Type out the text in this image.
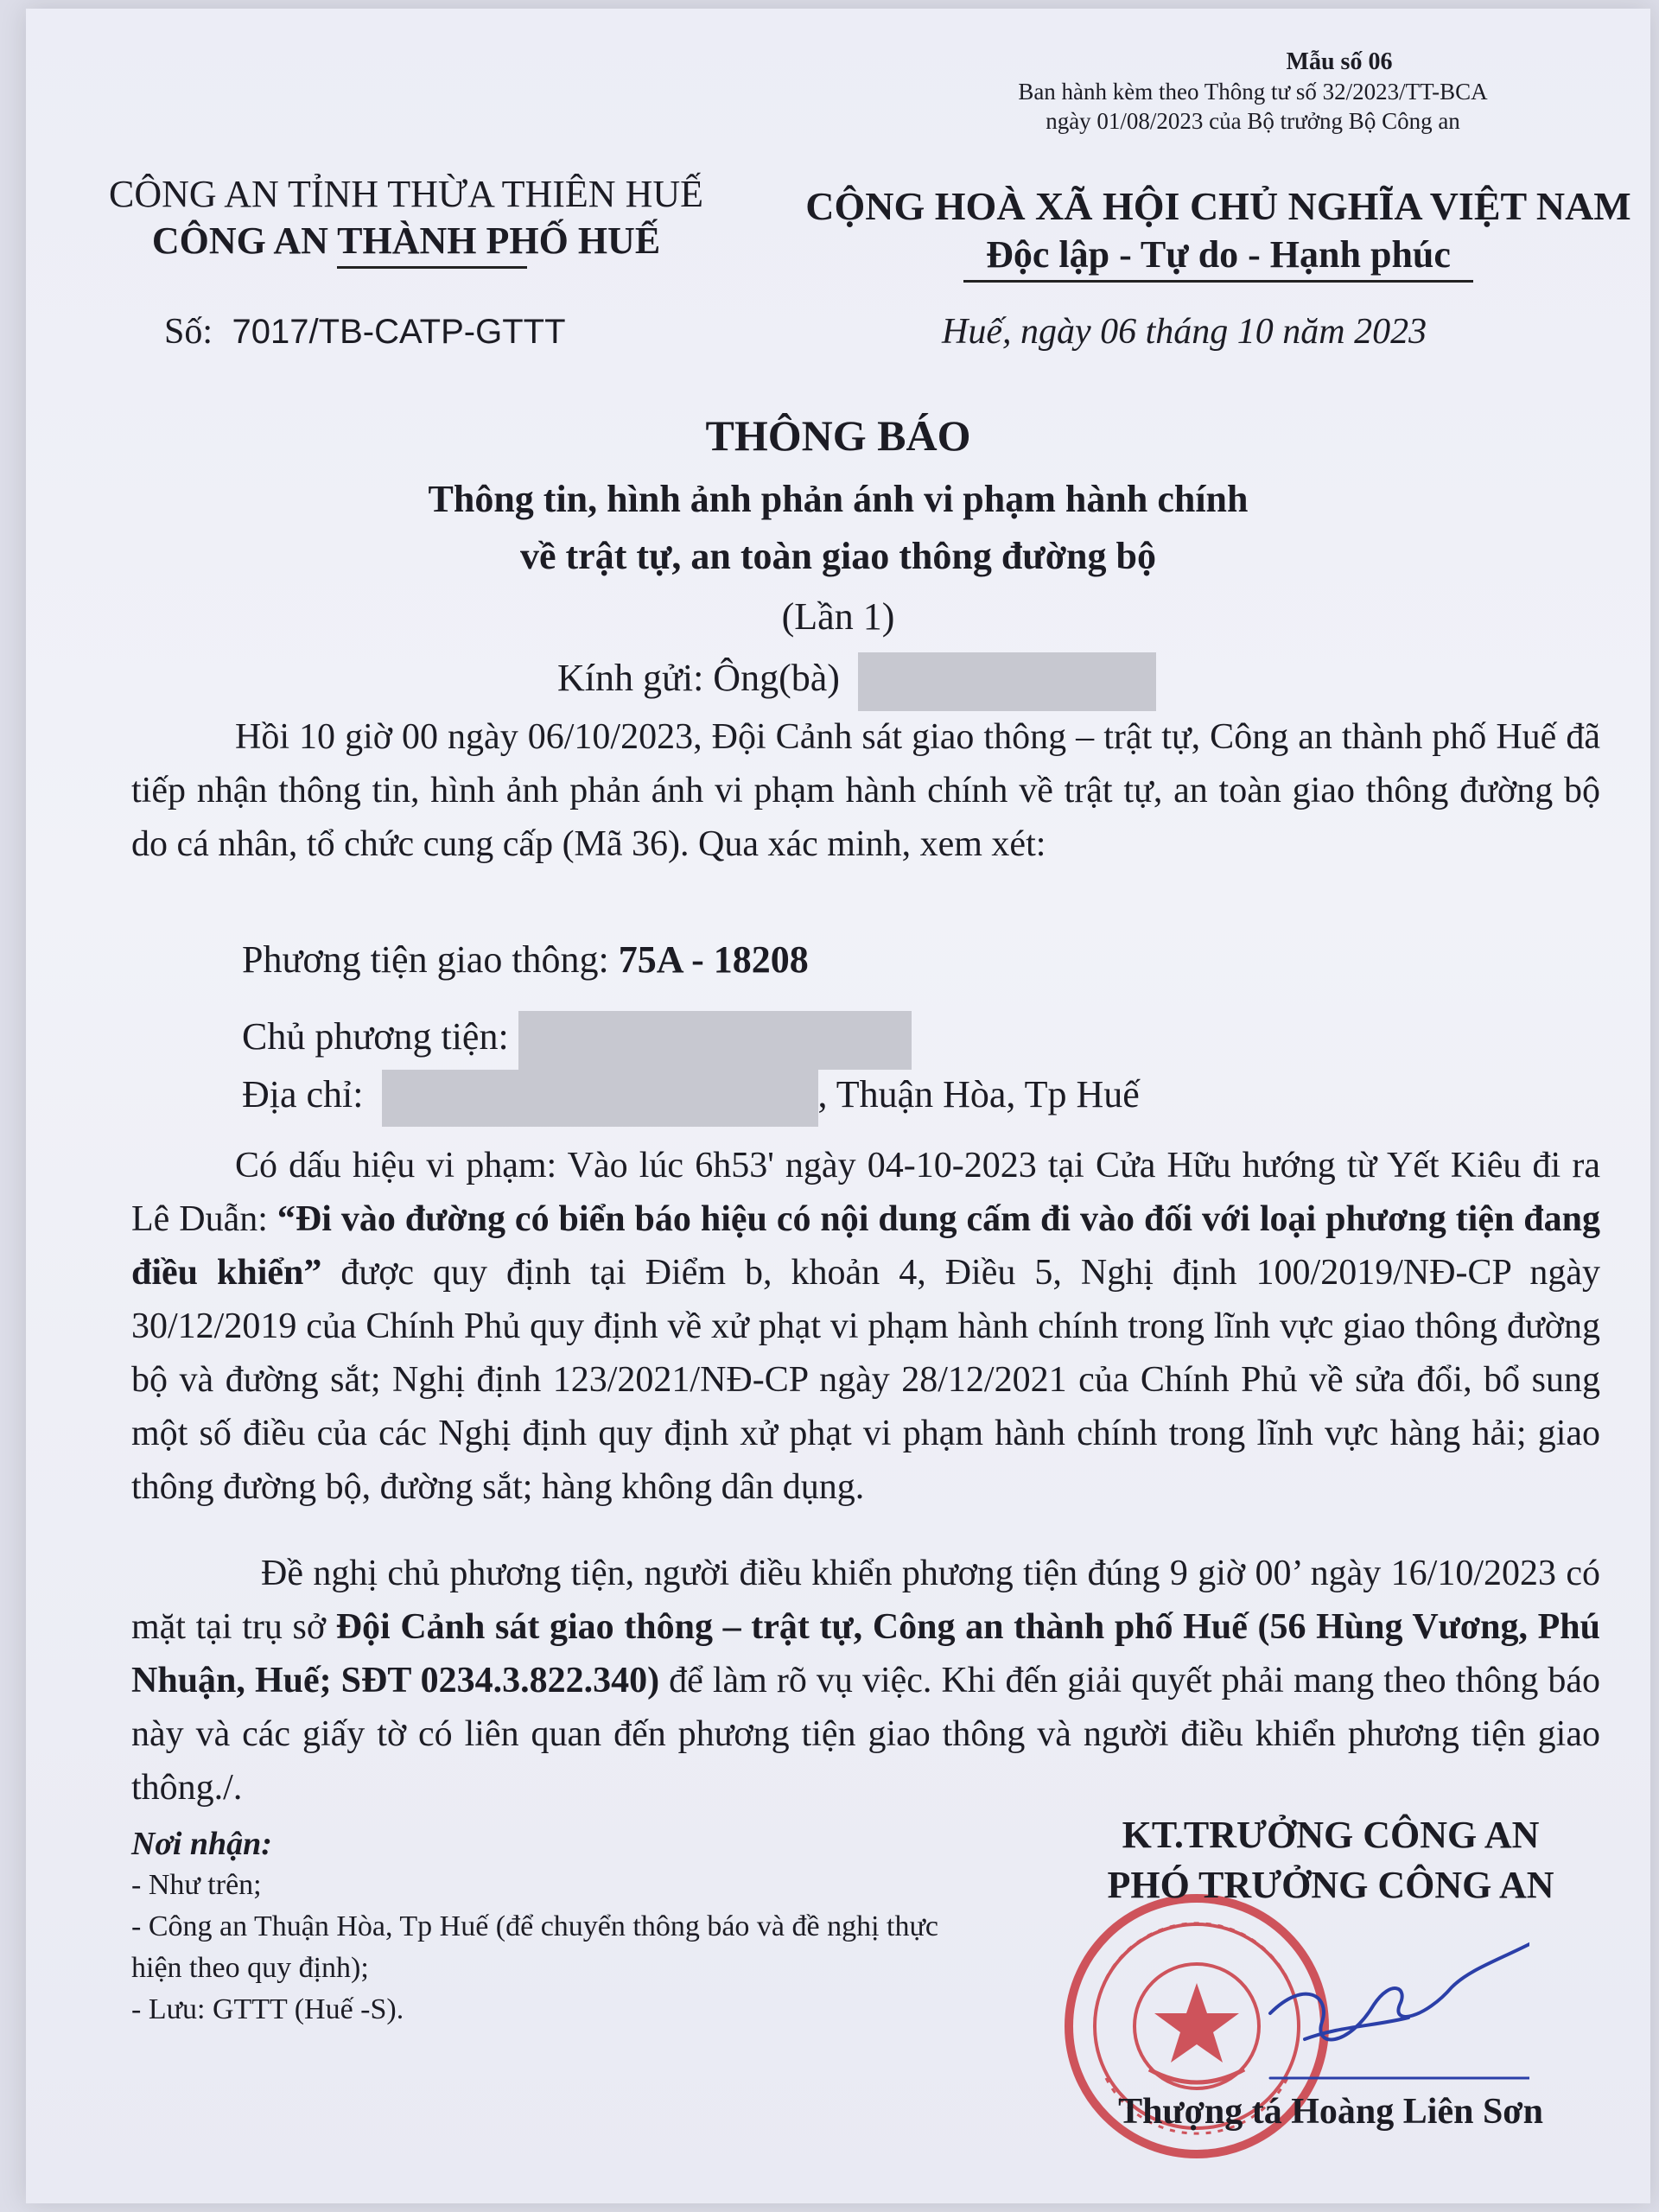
Mẫu số 06
Ban hành kèm theo Thông tư số 32/2023/TT-BCA
ngày 01/08/2023 của Bộ trưởng Bộ Công an
CÔNG AN TỈNH THỪA THIÊN HUẾ
CÔNG AN THÀNH PHỐ HUẾ
CỘNG HOÀ XÃ HỘI CHỦ NGHĨA VIỆT NAM
Độc lập - Tự do - Hạnh phúc
Số: 7017/TB-CATP-GTTT	Huế, ngày 06 tháng 10 năm 2023
THÔNG BÁO
Thông tin, hình ảnh phản ánh vi phạm hành chính
về trật tự, an toàn giao thông đường bộ
(Lần 1)
Kính gửi: Ông(bà)
Hồi 10 giờ 00 ngày 06/10/2023, Đội Cảnh sát giao thông – trật tự, Công an thành phố Huế đã tiếp nhận thông tin, hình ảnh phản ánh vi phạm hành chính về trật tự, an toàn giao thông đường bộ do cá nhân, tổ chức cung cấp (Mã 36). Qua xác minh, xem xét:
Phương tiện giao thông: 75A - 18208
Chủ phương tiện:
Địa chỉ:	, Thuận Hòa, Tp Huế
Có dấu hiệu vi phạm: Vào lúc 6h53' ngày 04-10-2023 tại Cửa Hữu hướng từ Yết Kiêu đi ra Lê Duẫn: “Đi vào đường có biển báo hiệu có nội dung cấm đi vào đối với loại phương tiện đang điều khiển” được quy định tại Điểm b, khoản 4, Điều 5, Nghị định 100/2019/NĐ-CP ngày 30/12/2019 của Chính Phủ quy định về xử phạt vi phạm hành chính trong lĩnh vực giao thông đường bộ và đường sắt; Nghị định 123/2021/NĐ-CP ngày 28/12/2021 của Chính Phủ về sửa đổi, bổ sung một số điều của các Nghị định quy định xử phạt vi phạm hành chính trong lĩnh vực hàng hải; giao thông đường bộ, đường sắt; hàng không dân dụng.
Đề nghị chủ phương tiện, người điều khiển phương tiện đúng 9 giờ 00’ ngày 16/10/2023 có mặt tại trụ sở Đội Cảnh sát giao thông – trật tự, Công an thành phố Huế (56 Hùng Vương, Phú Nhuận, Huế; SĐT 0234.3.822.340) để làm rõ vụ việc. Khi đến giải quyết phải mang theo thông báo này và các giấy tờ có liên quan đến phương tiện giao thông và người điều khiển phương tiện giao thông./.
Nơi nhận:
- Như trên;
- Công an Thuận Hòa, Tp Huế (để chuyển thông báo và đề nghị thực hiện theo quy định);
- Lưu: GTTT (Huế -S).
KT.TRƯỞNG CÔNG AN
PHÓ TRƯỞNG CÔNG AN
Thượng tá Hoàng Liên Sơn
